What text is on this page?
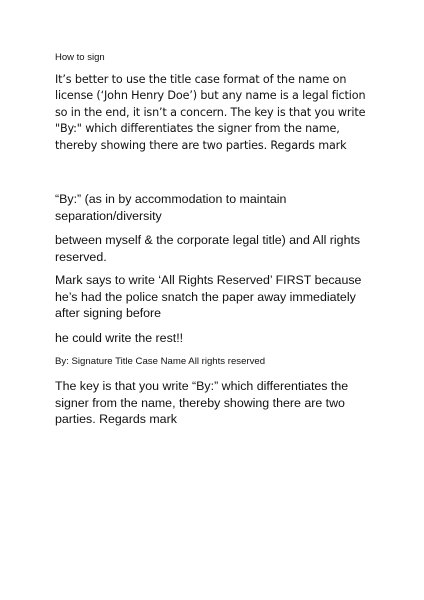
How to sign

It’s better to use the title case format of the name on license (‘John Henry Doe’) but any name is a legal fiction so in the end, it isn’t a concern. The key is that you write "By:" which differentiates the signer from the name, thereby showing there are two parties. Regards mark

“By:” (as in by accommodation to maintain separation/diversity

between myself & the corporate legal title) and All rights reserved.

Mark says to write ‘All Rights Reserved’ FIRST because he’s had the police snatch the paper away immediately after signing before

he could write the rest!!

By: Signature Title Case Name All rights reserved

The key is that you write “By:” which differentiates the signer from the name, thereby showing there are two parties. Regards mark
